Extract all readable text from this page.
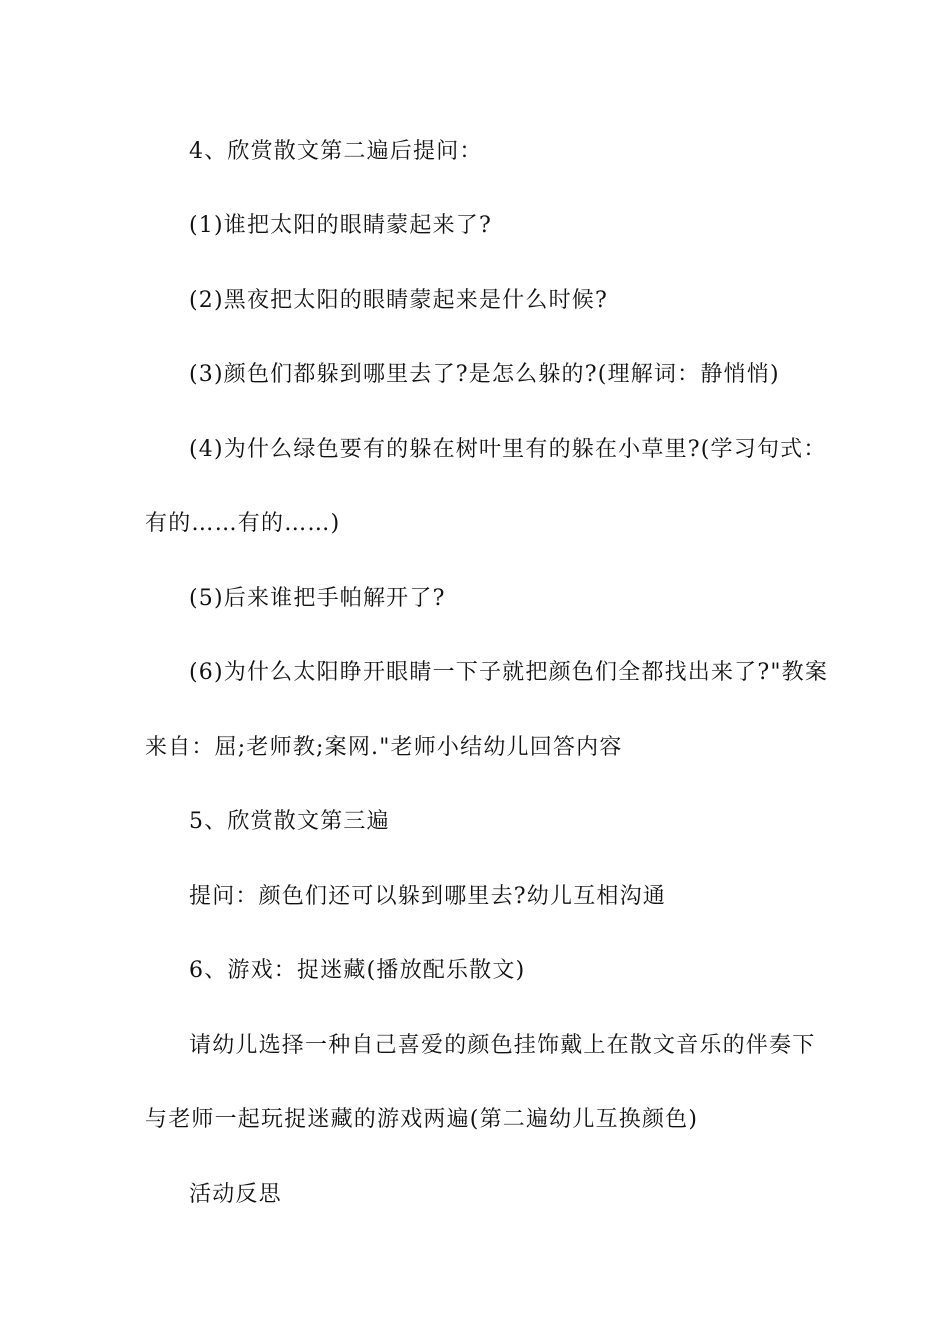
4、欣赏散文第二遍后提问：
(1)谁把太阳的眼睛蒙起来了?
(2)黑夜把太阳的眼睛蒙起来是什么时候?
(3)颜色们都躲到哪里去了?是怎么躲的?(理解词：静悄悄)
(4)为什么绿色要有的躲在树叶里有的躲在小草里?(学习句式：
有的……有的……)
(5)后来谁把手帕解开了?
(6)为什么太阳睁开眼睛一下子就把颜色们全都找出来了?"教案
来自：屈;老师教;案网."老师小结幼儿回答内容
5、欣赏散文第三遍
提问：颜色们还可以躲到哪里去?幼儿互相沟通
6、游戏：捉迷藏(播放配乐散文)
请幼儿选择一种自己喜爱的颜色挂饰戴上在散文音乐的伴奏下
与老师一起玩捉迷藏的游戏两遍(第二遍幼儿互换颜色)
活动反思
